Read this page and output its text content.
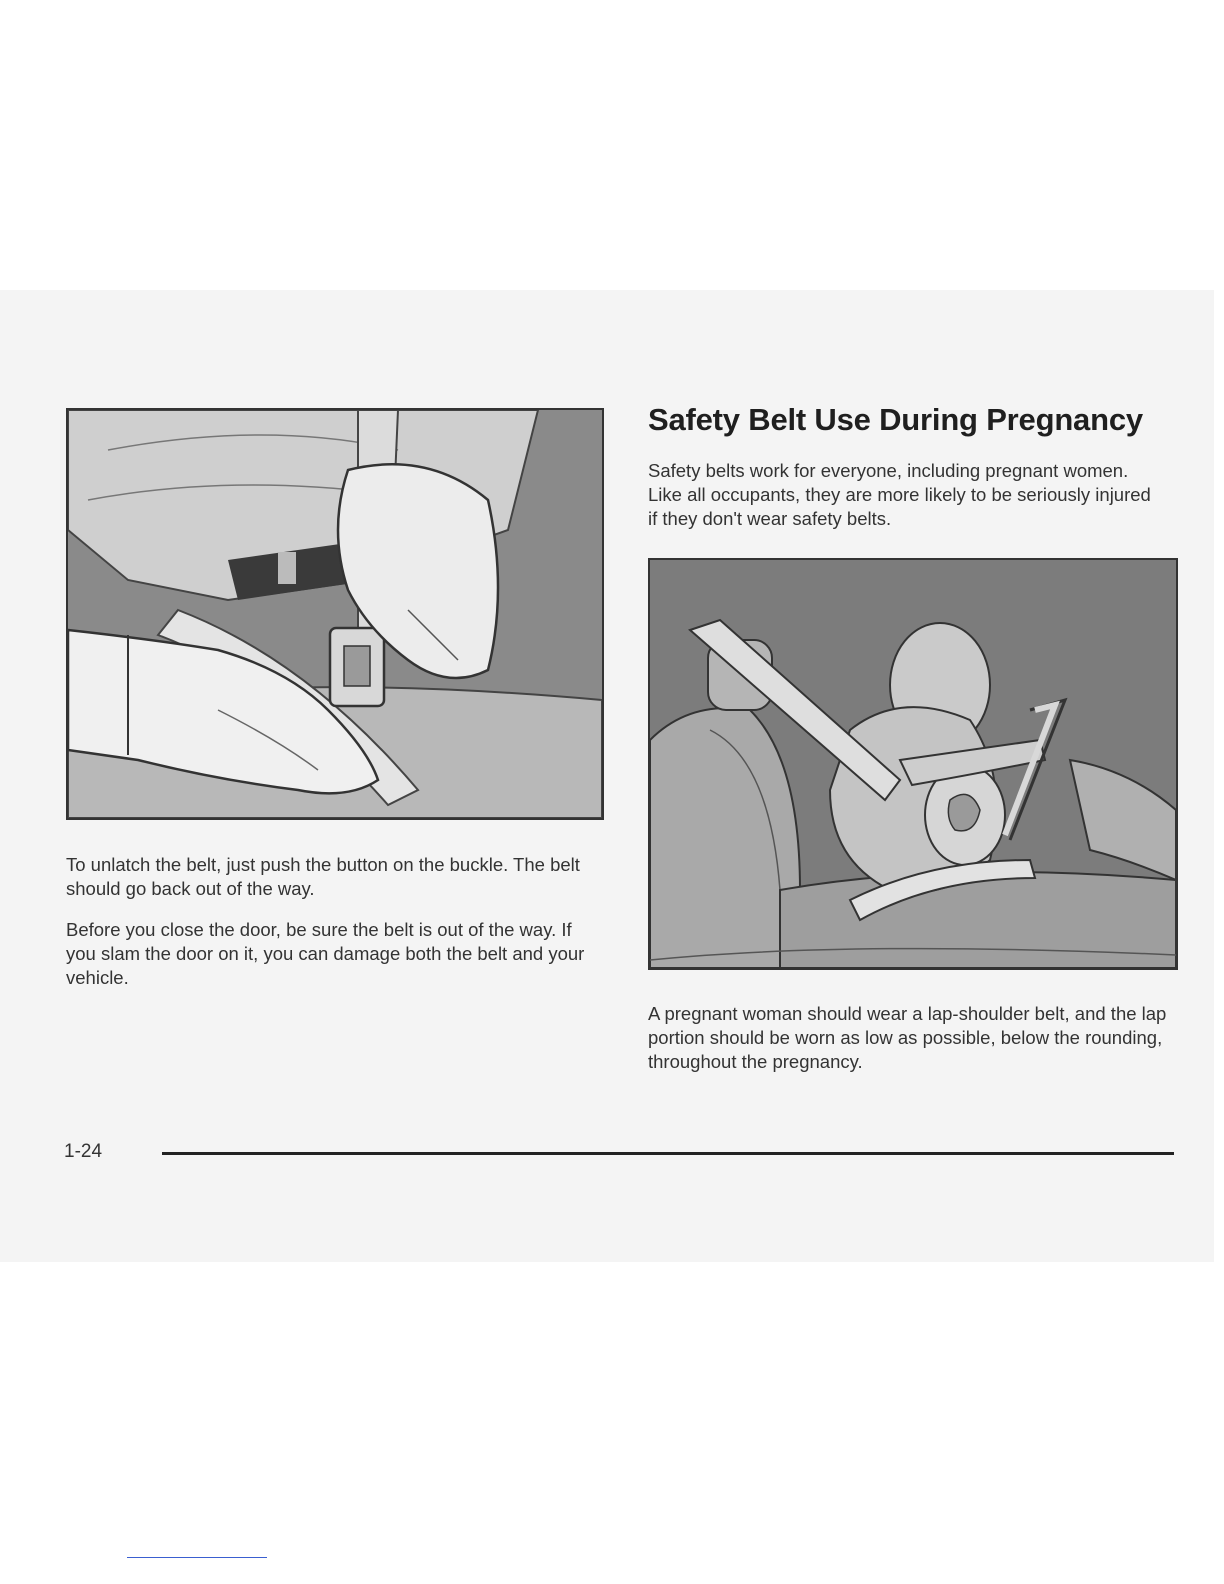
To unlatch the belt, just push the button on the buckle. The belt should go back out of the way.

Before you close the door, be sure the belt is out of the way. If you slam the door on it, you can damage both the belt and your vehicle.

Safety Belt Use During Pregnancy

Safety belts work for everyone, including pregnant women. Like all occupants, they are more likely to be seriously injured if they don't wear safety belts.

A pregnant woman should wear a lap-shoulder belt, and the lap portion should be worn as low as possible, below the rounding, throughout the pregnancy.

1-24
